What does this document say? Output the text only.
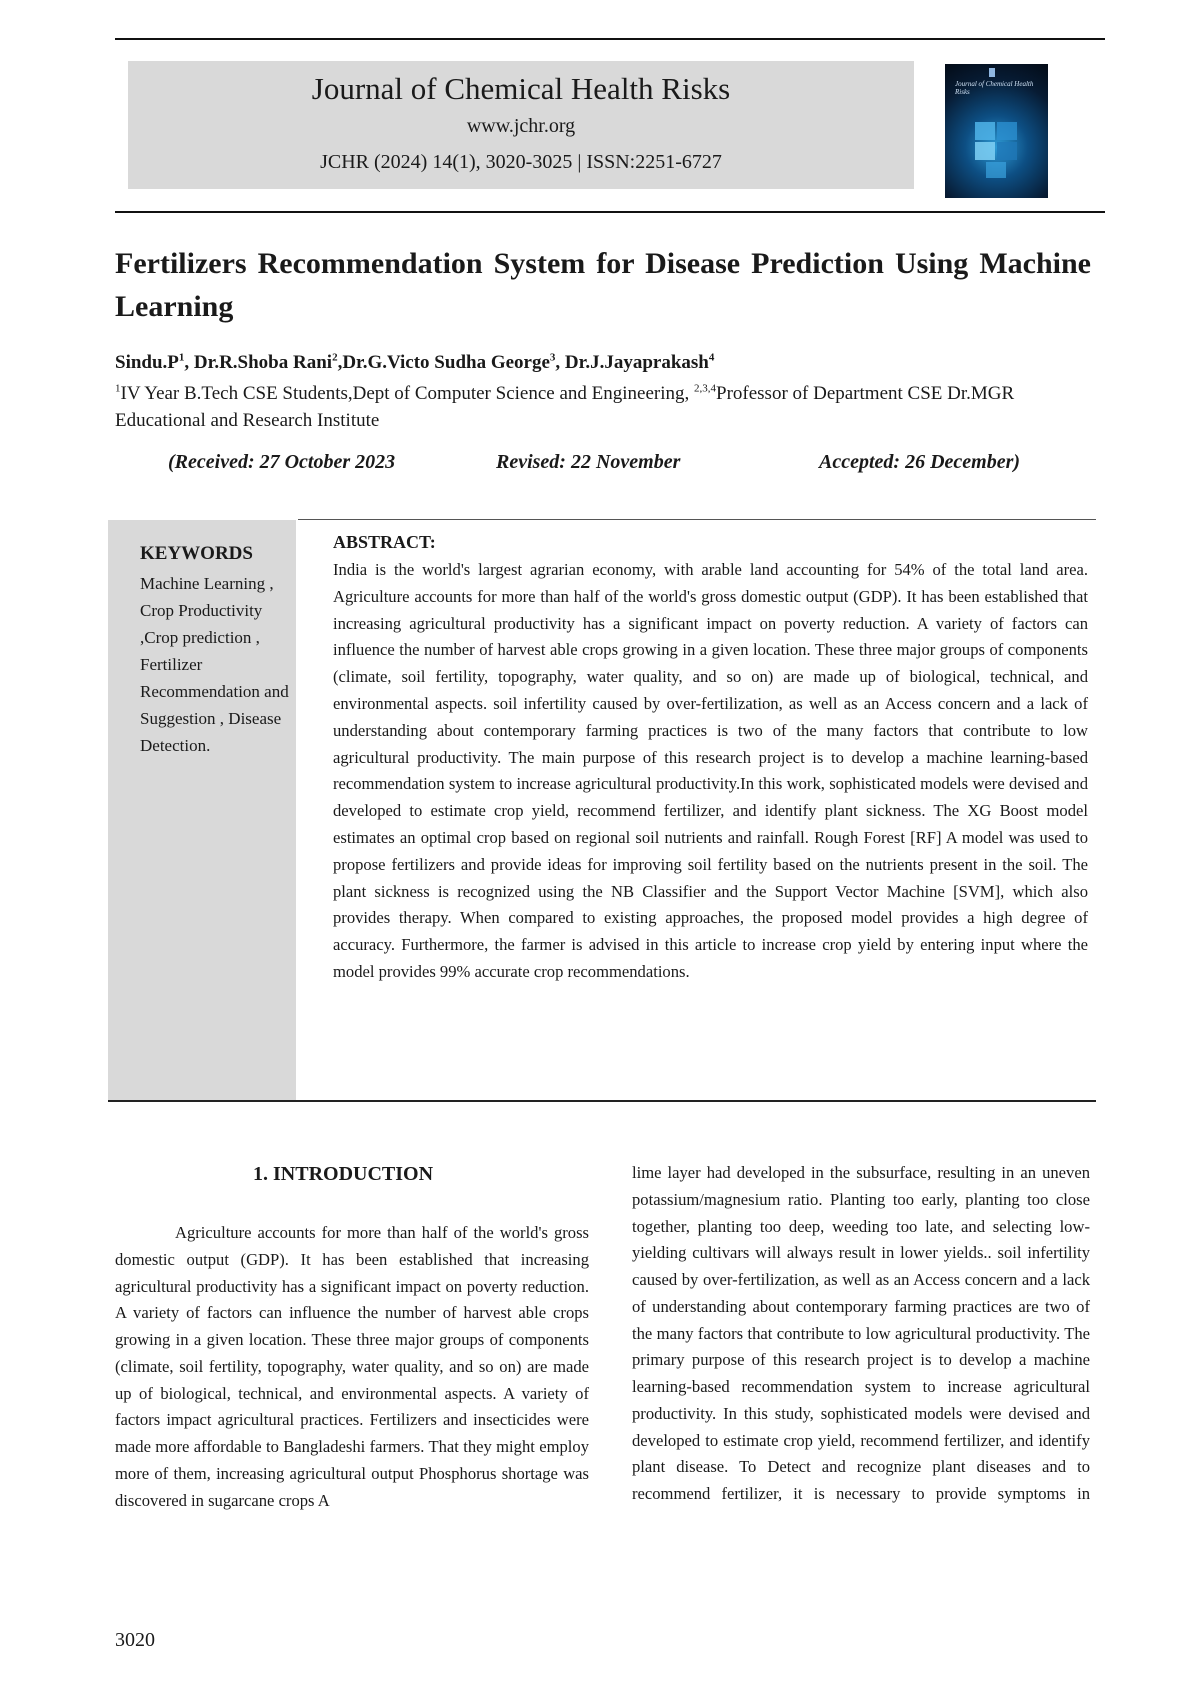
Journal of Chemical Health Risks
www.jchr.org
JCHR (2024) 14(1), 3020-3025 | ISSN:2251-6727
Journal of Chemical Health Risks
Fertilizers Recommendation System for Disease Prediction Using Machine Learning
$Sindu.P^1$, Dr.R.Shoba Rani$^2$,Dr.G.Victo Sudha George$^3$, Dr.J.Jayaprakash$^4$
$^1$IV Year B.Tech CSE Students,Dept of Computer Science and Engineering, $^{2,3,4}$Professor of Department CSE Dr.MGR Educational and Research Institute
(Received: 27 October 2023	Revised: 22 November	Accepted: 26 December)
KEYWORDS
Machine Learning , Crop Productivity ,Crop prediction , Fertilizer Recommendation and Suggestion , Disease Detection.
ABSTRACT:
India is the world's largest agrarian economy, with arable land accounting for 54% of the total land area. Agriculture accounts for more than half of the world's gross domestic output (GDP). It has been established that increasing agricultural productivity has a significant impact on poverty reduction. A variety of factors can influence the number of harvest able crops growing in a given location. These three major groups of components (climate, soil fertility, topography, water quality, and so on) are made up of biological, technical, and environmental aspects. soil infertility caused by over-fertilization, as well as an Access concern and a lack of understanding about contemporary farming practices is two of the many factors that contribute to low agricultural productivity. The main purpose of this research project is to develop a machine learning-based recommendation system to increase agricultural productivity.In this work, sophisticated models were devised and developed to estimate crop yield, recommend fertilizer, and identify plant sickness. The XG Boost model estimates an optimal crop based on regional soil nutrients and rainfall. Rough Forest [RF] A model was used to propose fertilizers and provide ideas for improving soil fertility based on the nutrients present in the soil. The plant sickness is recognized using the NB Classifier and the Support Vector Machine [SVM], which also provides therapy. When compared to existing approaches, the proposed model provides a high degree of accuracy. Furthermore, the farmer is advised in this article to increase crop yield by entering input where the model provides 99% accurate crop recommendations.
1. INTRODUCTION
Agriculture accounts for more than half of the world's gross domestic output (GDP). It has been established that increasing agricultural productivity has a significant impact on poverty reduction. A variety of factors can influence the number of harvest able crops growing in a given location. These three major groups of components (climate, soil fertility, topography, water quality, and so on) are made up of biological, technical, and environmental aspects. A variety of factors impact agricultural practices. Fertilizers and insecticides were made more affordable to Bangladeshi farmers. That they might employ more of them, increasing agricultural output Phosphorus shortage was discovered in sugarcane crops A
lime layer had developed in the subsurface, resulting in an uneven potassium/magnesium ratio. Planting too early, planting too close together, planting too deep, weeding too late, and selecting low-yielding cultivars will always result in lower yields.. soil infertility caused by over-fertilization, as well as an Access concern and a lack of understanding about contemporary farming practices are two of the many factors that contribute to low agricultural productivity. The primary purpose of this research project is to develop a machine learning-based recommendation system to increase agricultural productivity. In this study, sophisticated models were devised and developed to estimate crop yield, recommend fertilizer, and identify plant disease. To Detect and recognize plant diseases and to recommend fertilizer, it is necessary to provide symptoms in
3020
